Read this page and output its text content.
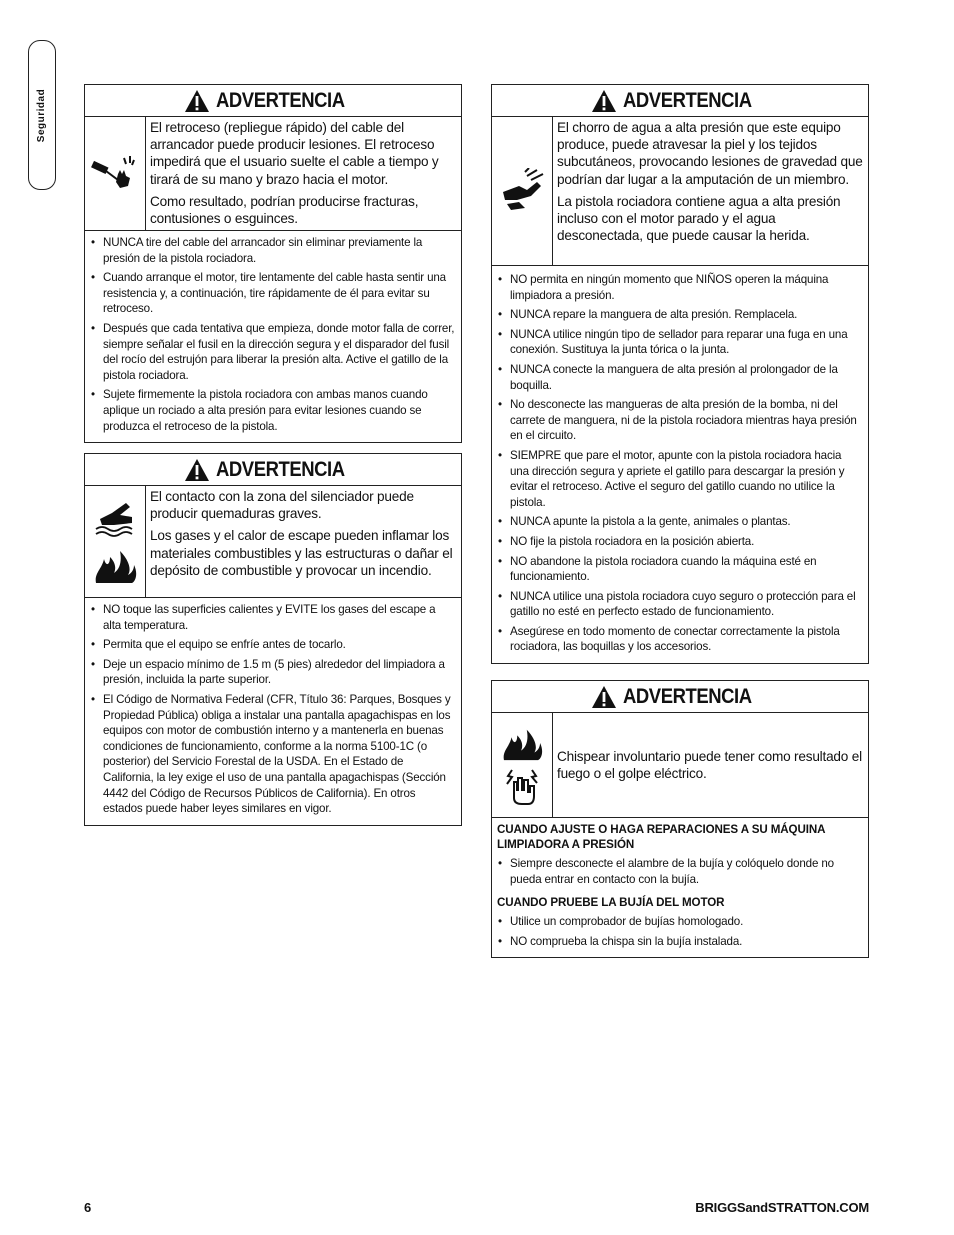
Seguridad	ADVERTENCIA

El retroceso (repliegue rápido) del cable del arrancador puede producir lesiones. El retroceso impedirá que el usuario suelte el cable a tiempo y tirará de su mano y brazo hacia el motor.

Como resultado, podrían producirse fracturas, contusiones o esguinces.

• NUNCA tire del cable del arrancador sin eliminar previamente la presión de la pistola rociadora.
• Cuando arranque el motor, tire lentamente del cable hasta sentir una resistencia y, a continuación, tire rápidamente de él para evitar su retroceso.
• Después que cada tentativa que empieza, donde motor falla de correr, siempre señalar el fusil en la dirección segura y el disparador del fusil del rocío del estrujón para liberar la presión alta. Active el gatillo de la pistola rociadora.
• Sujete firmemente la pistola rociadora con ambas manos cuando aplique un rociado a alta presión para evitar lesiones cuando se produzca el retroceso de la pistola.
ADVERTENCIA

El contacto con la zona del silenciador puede producir quemaduras graves.

Los gases y el calor de escape pueden inflamar los materiales combustibles y las estructuras o dañar el depósito de combustible y provocar un incendio.

• NO toque las superficies calientes y EVITE los gases del escape a alta temperatura.
• Permita que el equipo se enfríe antes de tocarlo.
• Deje un espacio mínimo de 1.5 m (5 pies) alrededor del limpiadora a presión, incluida la parte superior.
• El Código de Normativa Federal (CFR, Título 36: Parques, Bosques y Propiedad Pública) obliga a instalar una pantalla apagachispas en los equipos con motor de combustión interno y a mantenerla en buenas condiciones de funcionamiento, conforme a la norma 5100-1C (o posterior) del Servicio Forestal de la USDA. En el Estado de California, la ley exige el uso de una pantalla apagachispas (Sección 4442 del Código de Recursos Públicos de California). En otros estados puede haber leyes similares en vigor.
ADVERTENCIA

El chorro de agua a alta presión que este equipo produce, puede atravesar la piel y los tejidos subcutáneos, provocando lesiones de gravedad que podrían dar lugar a la amputación de un miembro.

La pistola rociadora contiene agua a alta presión incluso con el motor parado y el agua desconectada, que puede causar la herida.

• NO permita en ningún momento que NIÑOS operen la máquina limpiadora a presión.
• NUNCA repare la manguera de alta presión. Remplacela.
• NUNCA utilice ningún tipo de sellador para reparar una fuga en una conexión. Sustituya la junta tórica o la junta.
• NUNCA conecte la manguera de alta presión al prolongador de la boquilla.
• No desconecte las mangueras de alta presión de la bomba, ni del carrete de manguera, ni de la pistola rociadora mientras haya presión en el circuito.
• SIEMPRE que pare el motor, apunte con la pistola rociadora hacia una dirección segura y apriete el gatillo para descargar la presión y evitar el retroceso. Active el seguro del gatillo cuando no utilice la pistola.
• NUNCA apunte la pistola a la gente, animales o plantas.
• NO fije la pistola rociadora en la posición abierta.
• NO abandone la pistola rociadora cuando la máquina esté en funcionamiento.
• NUNCA utilice una pistola rociadora cuyo seguro o protección para el gatillo no esté en perfecto estado de funcionamiento.
• Asegúrese en todo momento de conectar correctamente la pistola rociadora, las boquillas y los accesorios.
ADVERTENCIA

Chispear involuntario puede tener como resultado el fuego o el golpe eléctrico.

CUANDO AJUSTE O HAGA REPARACIONES A SU MÁQUINA LIMPIADORA A PRESIÓN
• Siempre desconecte el alambre de la bujía y colóquelo donde no pueda entrar en contacto con la bujía.
CUANDO PRUEBE LA BUJÍA DEL MOTOR
• Utilice un comprobador de bujías homologado.
• NO comprueba la chispa sin la bujía instalada.
6	BRIGGSandSTRATTON.COM
